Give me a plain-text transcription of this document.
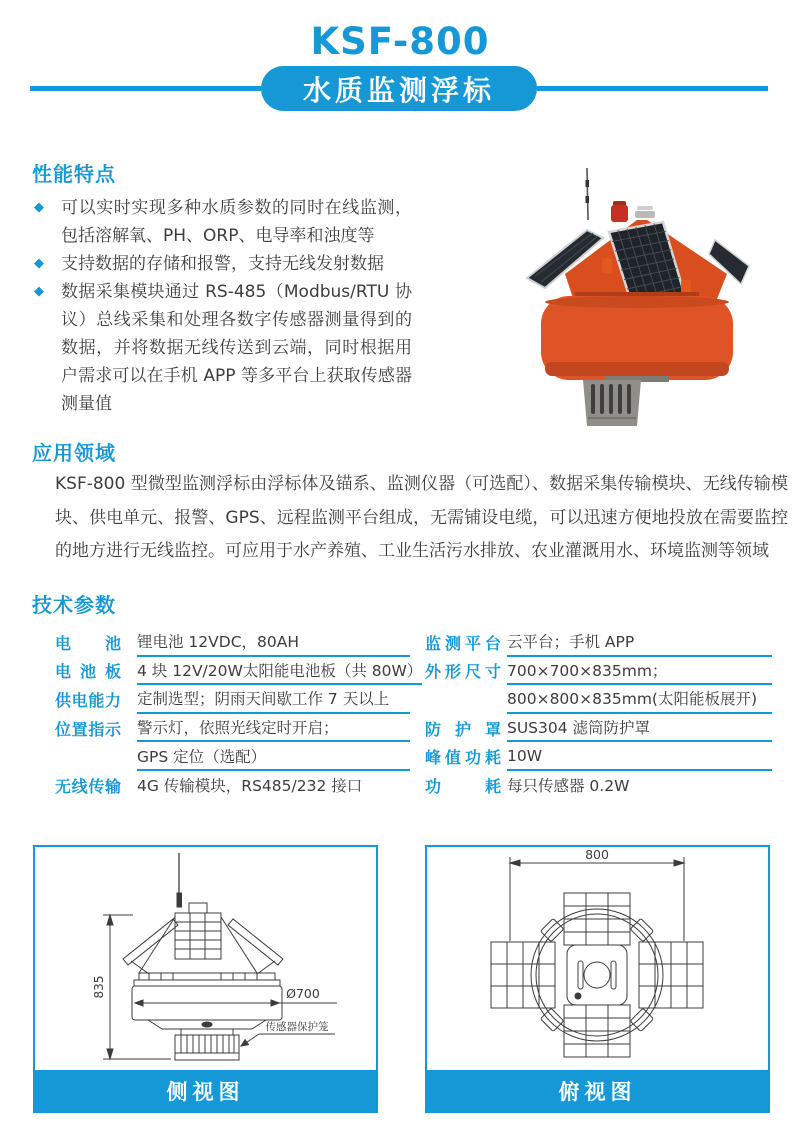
KSF-800
水质监测浮标
性能特点
◆ 可以实时实现多种水质参数的同时在线监测，包括溶解氧、PH、ORP、电导率和浊度等
◆ 支持数据的存储和报警，支持无线发射数据
◆ 数据采集模块通过 RS-485（Modbus/RTU 协议）总线采集和处理各数字传感器测量得到的数据，并将数据无线传送到云端，同时根据用户需求可以在手机 APP 等多平台上获取传感器测量值
应用领域
KSF-800 型微型监测浮标由浮标体及锚系、监测仪器（可选配）、数据采集传输模块、无线传输模块、供电单元、报警、GPS、远程监测平台组成，无需铺设电缆，可以迅速方便地投放在需要监控的地方进行无线监控。可应用于水产养殖、工业生活污水排放、农业灌溉用水、环境监测等领域
技术参数
电池 锂电池 12VDC，80AH
电池板 4 块 12V/20W太阳能电池板（共 80W）
供电能力 定制选型；阴雨天间歇工作 7 天以上
位置指示 警示灯，依照光线定时开启；
GPS 定位（选配）
无线传输 4G 传输模块，RS485/232 接口
监测平台 云平台；手机 APP
外形尺寸 700×700×835mm；
800×800×835mm(太阳能板展开)
防护罩 SUS304 滤筒防护罩
峰值功耗 10W
功耗 每只传感器 0.2W
835	Ø700
传感器保护笼
侧视图
800
俯视图
